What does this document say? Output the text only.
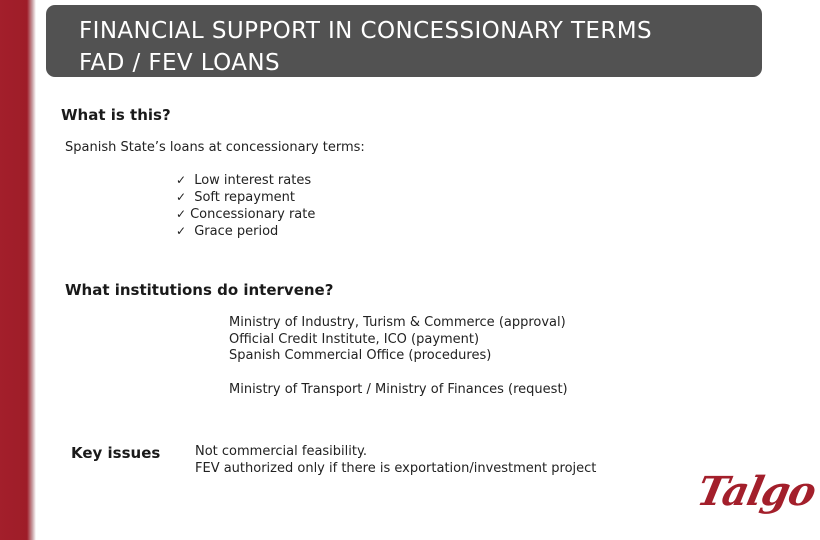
FINANCIAL SUPPORT IN CONCESSIONARY TERMS
FAD / FEV LOANS
What is this?
Spanish State’s loans at concessionary terms:
✓ Low interest rates
✓ Soft repayment
✓ Concessionary rate
✓ Grace period
What institutions do intervene?
Ministry of Industry, Turism & Commerce (approval)
Official Credit Institute, ICO (payment)
Spanish Commercial Office (procedures)
Ministry of Transport / Ministry of Finances (request)
Key issues	Not commercial feasibility.
FEV authorized only if there is exportation/investment project Talgo
